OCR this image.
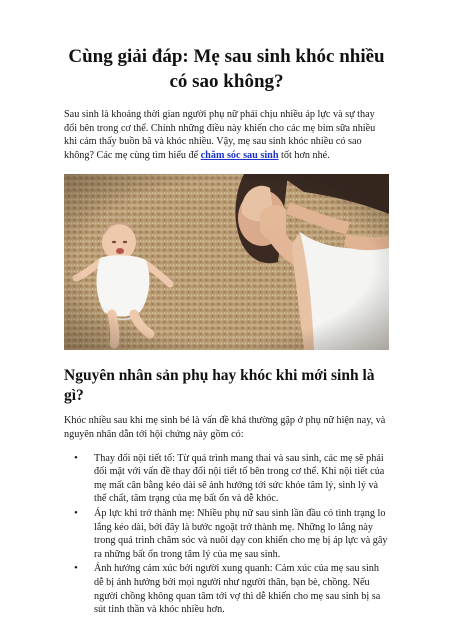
Cùng giải đáp: Mẹ sau sinh khóc nhiều có sao không?

Sau sinh là khoảng thời gian người phụ nữ phải chịu nhiều áp lực và sự thay đổi bên trong cơ thể. Chính những điều này khiến cho các mẹ bỉm sữa nhiều khi cảm thấy buồn bã và khóc nhiều. Vậy, mẹ sau sinh khóc nhiều có sao không? Các mẹ cùng tìm hiểu để chăm sóc sau sinh tốt hơn nhé.

Nguyên nhân sản phụ hay khóc khi mới sinh là gì?

Khóc nhiều sau khi mẹ sinh bé là vấn đề khá thường gặp ở phụ nữ hiện nay, và nguyên nhân dẫn tới hội chứng này gồm có:

• Thay đổi nội tiết tố: Từ quá trình mang thai và sau sinh, các mẹ sẽ phải đối mặt với vấn đề thay đổi nội tiết tố bên trong cơ thể. Khi nội tiết của mẹ mất cân bằng kéo dài sẽ ảnh hưởng tới sức khỏe tâm lý, sinh lý và thể chất, tâm trạng của mẹ bất ổn và dễ khóc.
• Áp lực khi trở thành mẹ: Nhiều phụ nữ sau sinh lần đầu có tình trạng lo lắng kéo dài, bởi đây là bước ngoặt trở thành mẹ. Những lo lắng này trong quá trình chăm sóc và nuôi dạy con khiến cho mẹ bị áp lực và gây ra những bất ổn trong tâm lý của mẹ sau sinh.
• Ảnh hưởng cảm xúc bởi người xung quanh: Cảm xúc của mẹ sau sinh dễ bị ảnh hưởng bởi mọi người như người thân, bạn bè, chồng. Nếu người chồng không quan tâm tới vợ thì dễ khiến cho mẹ sau sinh bị sa sút tinh thần và khóc nhiều hơn.
